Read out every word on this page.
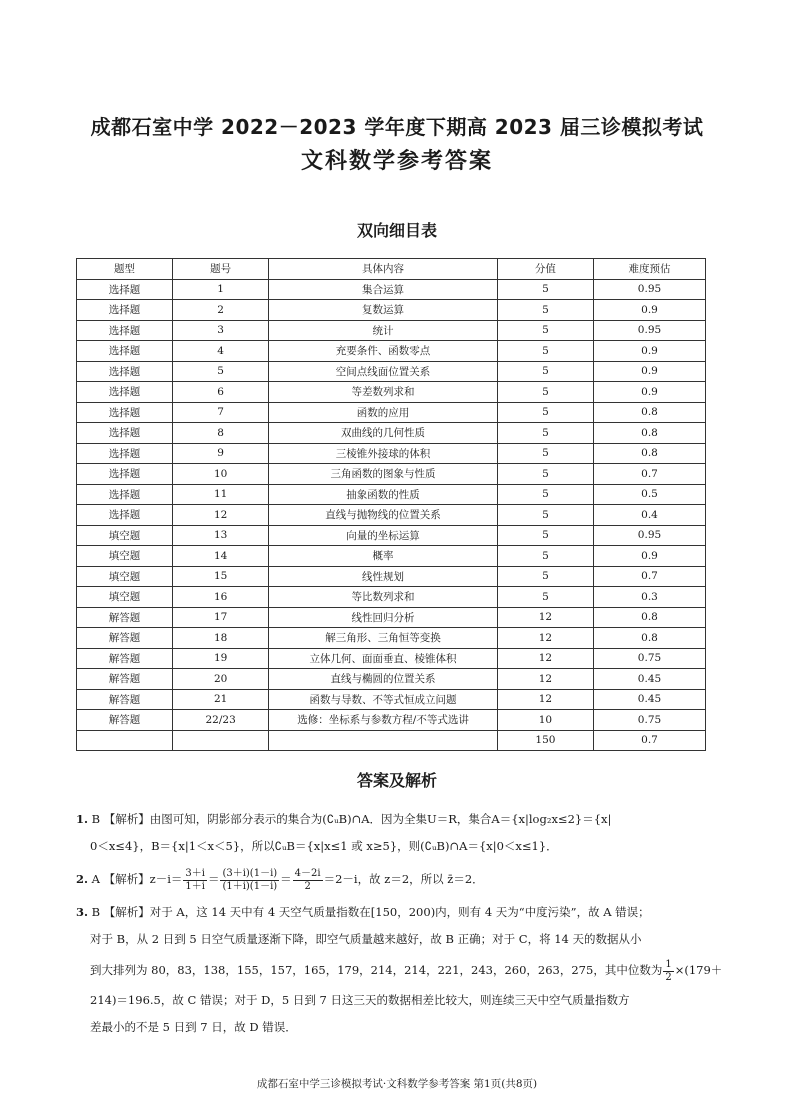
成都石室中学 2022－2023 学年度下期高 2023 届三诊模拟考试
文科数学参考答案
双向细目表
题型	题号	具体内容	分值	难度预估
选择题	1	集合运算	5	0.95
选择题	2	复数运算	5	0.9
选择题	3	统计	5	0.95
选择题	4	充要条件、函数零点	5	0.9
选择题	5	空间点线面位置关系	5	0.9
选择题	6	等差数列求和	5	0.9
选择题	7	函数的应用	5	0.8
选择题	8	双曲线的几何性质	5	0.8
选择题	9	三棱锥外接球的体积	5	0.8
选择题	10	三角函数的图象与性质	5	0.7
选择题	11	抽象函数的性质	5	0.5
选择题	12	直线与抛物线的位置关系	5	0.4
填空题	13	向量的坐标运算	5	0.95
填空题	14	概率	5	0.9
填空题	15	线性规划	5	0.7
填空题	16	等比数列求和	5	0.3
解答题	17	线性回归分析	12	0.8
解答题	18	解三角形、三角恒等变换	12	0.8
解答题	19	立体几何、面面垂直、棱锥体积	12	0.75
解答题	20	直线与椭圆的位置关系	12	0.45
解答题	21	函数与导数、不等式恒成立问题	12	0.45
解答题	22/23	选修：坐标系与参数方程/不等式选讲	10	0.75
			150	0.7
答案及解析
1. B 【解析】由图可知，阴影部分表示的集合为(∁ᵤB)∩A．因为全集U＝R，集合A＝{x|log₂x≤2}＝{x|
0＜x≤4}，B＝{x|1＜x＜5}，所以∁ᵤB＝{x|x≤1 或 x≥5}，则(∁ᵤB)∩A＝{x|0＜x≤1}．
2. A 【解析】$z-i= \frac{3+i}{1+i} = \frac{(3+i)(1-i)}{(1+i)(1-i)} = \frac{4-2i}{2} =2-i$，故 z＝2，所以 z̄＝2．
3. B 【解析】对于 A，这 14 天中有 4 天空气质量指数在[150，200)内，则有 4 天为“中度污染”，故 A 错误；
对于 B，从 2 日到 5 日空气质量逐渐下降，即空气质量越来越好，故 B 正确；对于 C，将 14 天的数据从小
到大排列为 80，83，138，155，157，165，179，214，214，221，243，260，263，275，其中位数为 $\frac{1}{2} \times(179+$
214)＝196.5，故 C 错误；对于 D，5 日到 7 日这三天的数据相差比较大，则连续三天中空气质量指数方
差最小的不是 5 日到 7 日，故 D 错误．
成都石室中学三诊模拟考试·文科数学参考答案 第1页(共8页)
